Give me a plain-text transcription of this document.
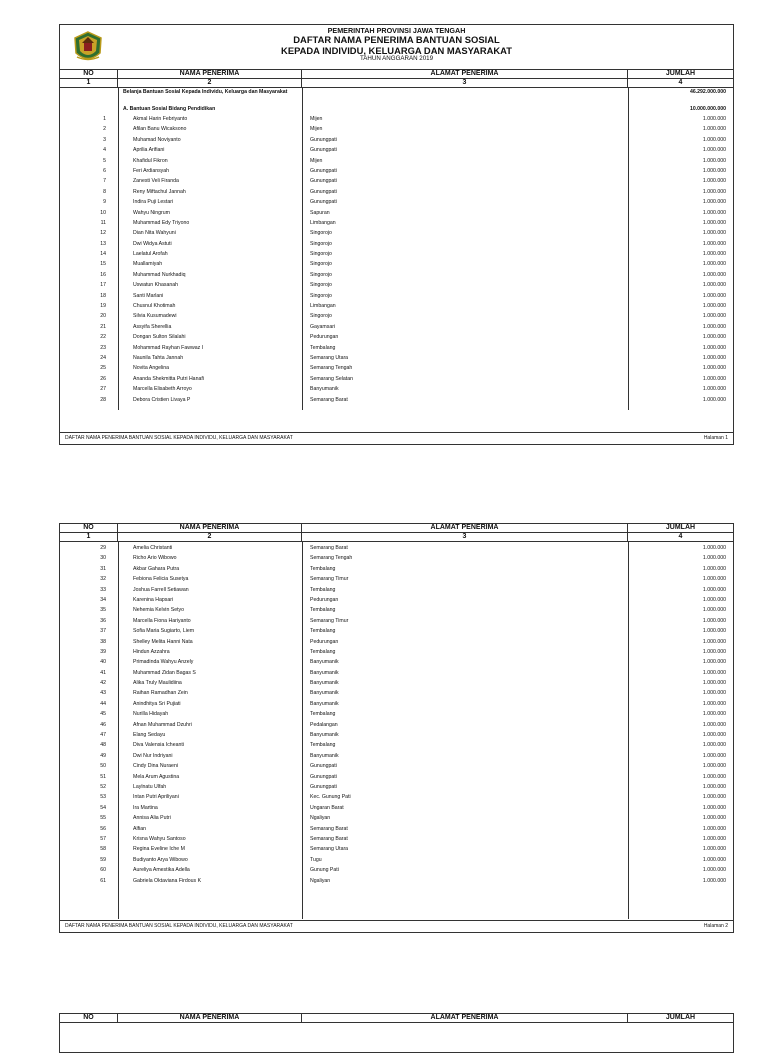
PEMERINTAH PROVINSI JAWA TENGAH
DAFTAR NAMA PENERIMA BANTUAN SOSIAL
KEPADA INDIVIDU, KELUARGA DAN MASYARAKAT
TAHUN ANGGARAN 2019
NO	NAMA PENERIMA	ALAMAT PENERIMA	JUMLAH
1	2	3	4
Belanja Bantuan Sosial Kepada Individu, Keluarga dan Masyarakat	46.292.000.000
A. Bantuan Sosial Bidang Pendidikan	10.000.000.000
1	Akmal Harin Febriyanto	Mijen	1.000.000
2	Afilan Banu Wicaksono	Mijen	1.000.000
3	Muhamad Noviyanto	Gunungpati	1.000.000
4	Aprilia Arifiani	Gunungpati	1.000.000
5	Khafidul Fikron	Mijen	1.000.000
6	Feri Ardiansyah	Gunungpati	1.000.000
7	Zanesti Veli Firanda	Gunungpati	1.000.000
8	Reny Miftachul Jannah	Gunungpati	1.000.000
9	Indira Puji Lestari	Gunungpati	1.000.000
10	Wahyu Ningrum	Sapuran	1.000.000
11	Muhammad Edy Triyono	Limbangan	1.000.000
12	Dian Nita Wahyuni	Singorojo	1.000.000
13	Dwi Widya Astuti	Singorojo	1.000.000
14	Laelatul Arofah	Singorojo	1.000.000
15	Muallamiyah	Singorojo	1.000.000
16	Muhammad Nurkhadiq	Singorojo	1.000.000
17	Uswatun Khasanah	Singorojo	1.000.000
18	Santi Marlani	Singorojo	1.000.000
19	Chusnul Khotimah	Limbangan	1.000.000
20	Silvia Kusumadewi	Singorojo	1.000.000
21	Assyifa Sherellia	Gayamsari	1.000.000
22	Dongan Sulton Silalahi	Pedurungan	1.000.000
23	Mohammad Rayhan Fawwaz I	Tembalang	1.000.000
24	Naunila Tahta Jannah	Semarang Utara	1.000.000
25	Novita Angelina	Semarang Tengah	1.000.000
26	Ananda Shekmitta Putri Hanafi	Semarang Selatan	1.000.000
27	Marcella Elisabeth Arroyo	Banyumanik	1.000.000
28	Debora Cristien Livaya P	Semarang Barat	1.000.000
DAFTAR NAMA PENERIMA BANTUAN SOSIAL KEPADA INDIVIDU, KELUARGA DAN MASYARAKAT	Halaman 1
NO	NAMA PENERIMA	ALAMAT PENERIMA	JUMLAH
1	2	3	4
29	Amelia Christanti	Semarang Barat	1.000.000
30	Richo Ario Wibowo	Semarang Tengah	1.000.000
31	Akbar Gahara Putra	Tembalang	1.000.000
32	Febiona Felicia Susetya	Semarang Timur	1.000.000
33	Joshua Farrell Setiawan	Tembalang	1.000.000
34	Karenina Hapsari	Pedurungan	1.000.000
35	Nehemia Kelvin Setyo	Tembalang	1.000.000
36	Marcella Fiona Hariyanto	Semarang Timur	1.000.000
37	Sofia Maria Sugiarto, Liem	Tembalang	1.000.000
38	Shelley Melita Hanni Nata	Pedurungan	1.000.000
39	Hindun Azzahra	Tembalang	1.000.000
40	Primadinda Wahyu Anzely	Banyumanik	1.000.000
41	Muhammad Zidan Bagas S	Banyumanik	1.000.000
42	Alika Truly Maulidiina	Banyumanik	1.000.000
43	Raihan Ramadhan Zein	Banyumanik	1.000.000
44	Anindhitya Sri Pujiati	Banyumanik	1.000.000
45	Nurilla Hidayah	Tembalang	1.000.000
46	Afnan Muhammad Dzuhri	Pedalangan	1.000.000
47	Elang Sedayu	Banyumanik	1.000.000
48	Diva Valensia Icheanti	Tembalang	1.000.000
49	Dwi Nur Indriyani	Banyumanik	1.000.000
50	Cindy Dina Nuraeni	Gunungpati	1.000.000
51	Mela Arum Agustina	Gunungpati	1.000.000
52	Laylnatu Ulfah	Gunungpati	1.000.000
53	Intan Putri Apriliyani	Kec. Gunung Pati	1.000.000
54	Ira Martina	Ungaran Barat	1.000.000
55	Annisa Alia Putri	Ngaliyan	1.000.000
56	Alfian	Semarang Barat	1.000.000
57	Krisna Wahyu Santoso	Semarang Barat	1.000.000
58	Regina Eveline Iche M	Semarang Utara	1.000.000
59	Budiyanto Arya Wibowo	Tugu	1.000.000
60	Aureliya Amestika Adella	Gunung Pati	1.000.000
61	Gabriela Oktaviana Firdous K	Ngaliyan	1.000.000
DAFTAR NAMA PENERIMA BANTUAN SOSIAL KEPADA INDIVIDU, KELUARGA DAN MASYARAKAT	Halaman 2
NO	NAMA PENERIMA	ALAMAT PENERIMA	JUMLAH
